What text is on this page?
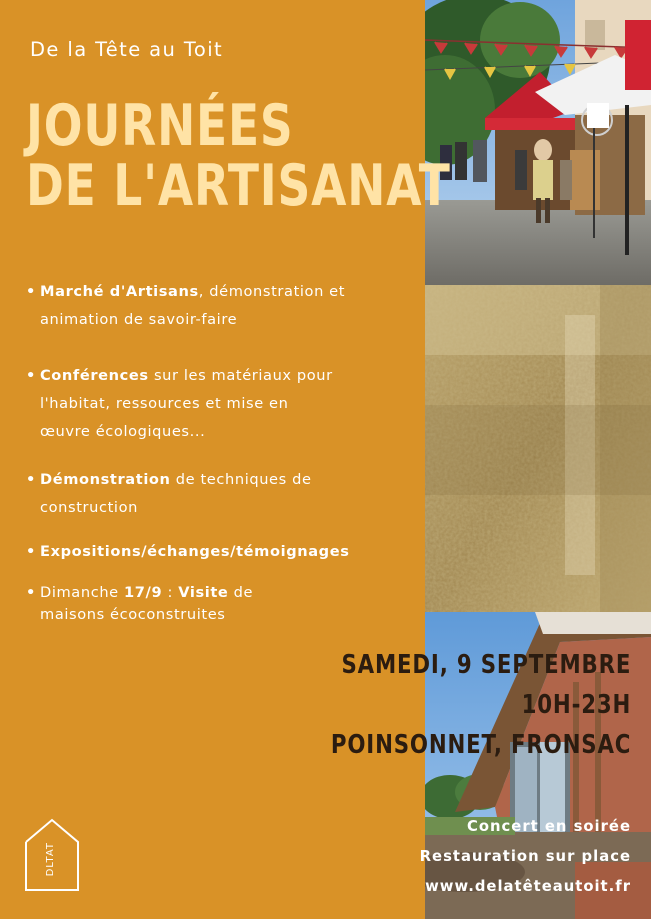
De la Tête au Toit
JOURNÉES
DE L'ARTISANAT
• Marché d'Artisans, démonstration et
animation de savoir-faire
• Conférences sur les matériaux pour
l'habitat, ressources et mise en
œuvre écologiques...
• Démonstration de techniques de
construction
• Expositions/échanges/témoignages
• Dimanche 17/9 : Visite de
maisons écoconstruites
SAMEDI, 9 SEPTEMBRE
10H-23H
POINSONNET, FRONSAC
Concert en soirée
Restauration sur place
www.delatêteautoit.fr
DLTAT
